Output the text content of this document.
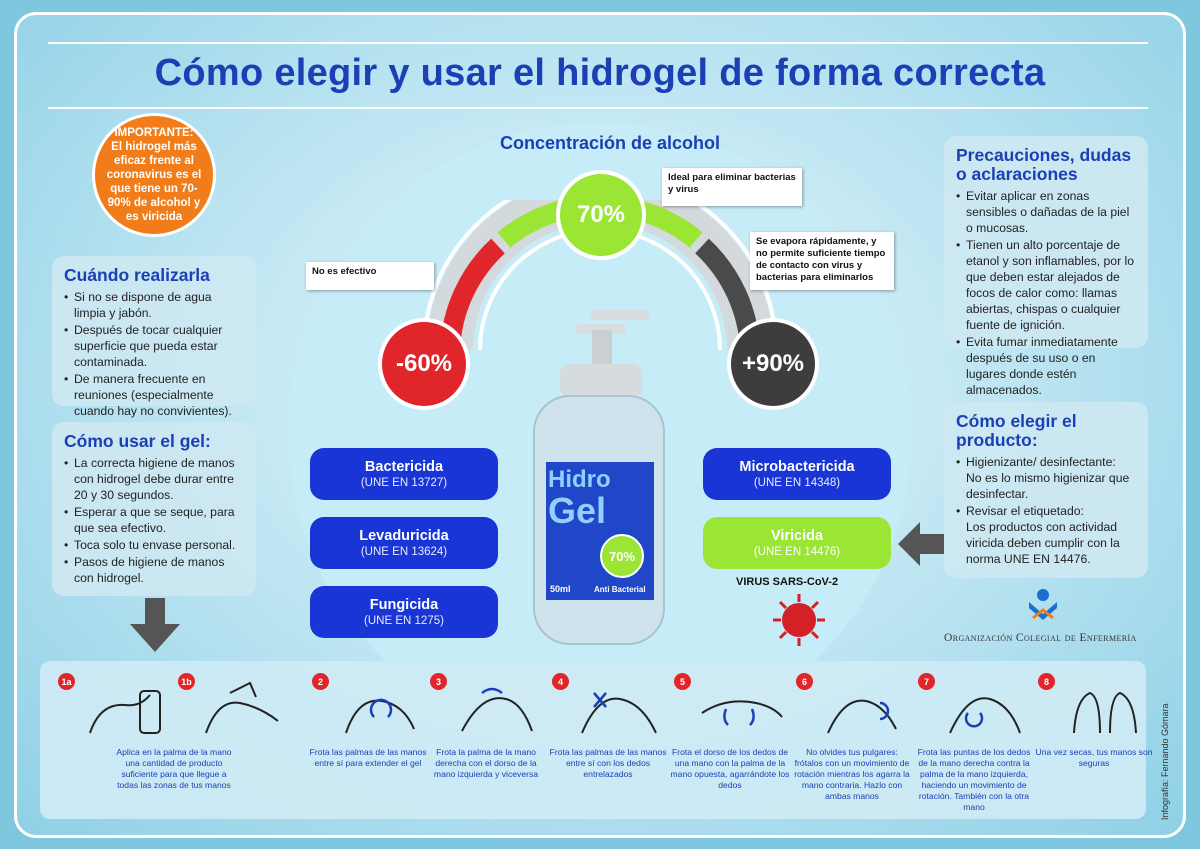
Cómo elegir y usar el hidrogel de forma correcta
IMPORTANTE:
El hidrogel más eficaz frente al coronavirus es el que tiene un 70-90% de alcohol y es viricida
Cuándo realizarla
• Si no se dispone de agua limpia y jabón.
• Después de tocar cualquier superficie que pueda estar contaminada.
• De manera frecuente en reuniones (especialmente cuando hay no convivientes).
Cómo usar el gel:
• La correcta higiene de manos con hidrogel debe durar entre 20 y 30 segundos.
• Esperar a que se seque, para que sea efectivo.
• Toca solo tu envase personal.
• Pasos de higiene de manos con hidrogel.
Concentración de alcohol
70%
-60%	+90%
No es efectivo
Ideal para eliminar bacterias y virus
Se evapora rápidamente, y no permite suficiente tiempo de contacto con virus y bacterias para eliminarlos
Bactericida
(UNE EN 13727)
Levaduricida
(UNE EN 13624)
Fungicida
(UNE EN 1275)
Microbactericida
(UNE EN 14348)
Viricida
(UNE EN 14476)
Hidro
Gel
70%
50ml	Anti Bacterial
VIRUS SARS-CoV-2
Precauciones, dudas o aclaraciones
• Evitar aplicar en zonas sensibles o dañadas de la piel o mucosas.
• Tienen un alto porcentaje de etanol y son inflamables, por lo que deben estar alejados de focos de calor como: llamas abiertas, chispas o cualquier fuente de ignición.
• Evita fumar inmediatamente después de su uso o en lugares donde estén almacenados.
Cómo elegir el producto:
• Higienizante/ desinfectante:
No es lo mismo higienizar que desinfectar.
• Revisar el etiquetado:
Los productos con actividad viricida deben cumplir con la norma UNE EN 14476.
Organización Colegial de Enfermería
1a	1b
Aplica en la palma de la mano una cantidad de producto suficiente para que llegue a todas las zonas de tus manos
2
Frota las palmas de las manos entre sí para extender el gel
3
Frota la palma de la mano derecha con el dorso de la mano izquierda y viceversa
4
Frota las palmas de las manos entre sí con los dedos entrelazados
5
Frota el dorso de los dedos de una mano con la palma de la mano opuesta, agarrándote los dedos
6
No olvides tus pulgares: frótalos con un movimiento de rotación mientras los agarra la mano contraria. Hazlo con ambas manos
7
Frota las puntas de los dedos de la mano derecha contra la palma de la mano izquierda, haciendo un movimiento de rotación. También con la otra mano
8
Una vez secas, tus manos son seguras	Infografía: Fernando Gómara
